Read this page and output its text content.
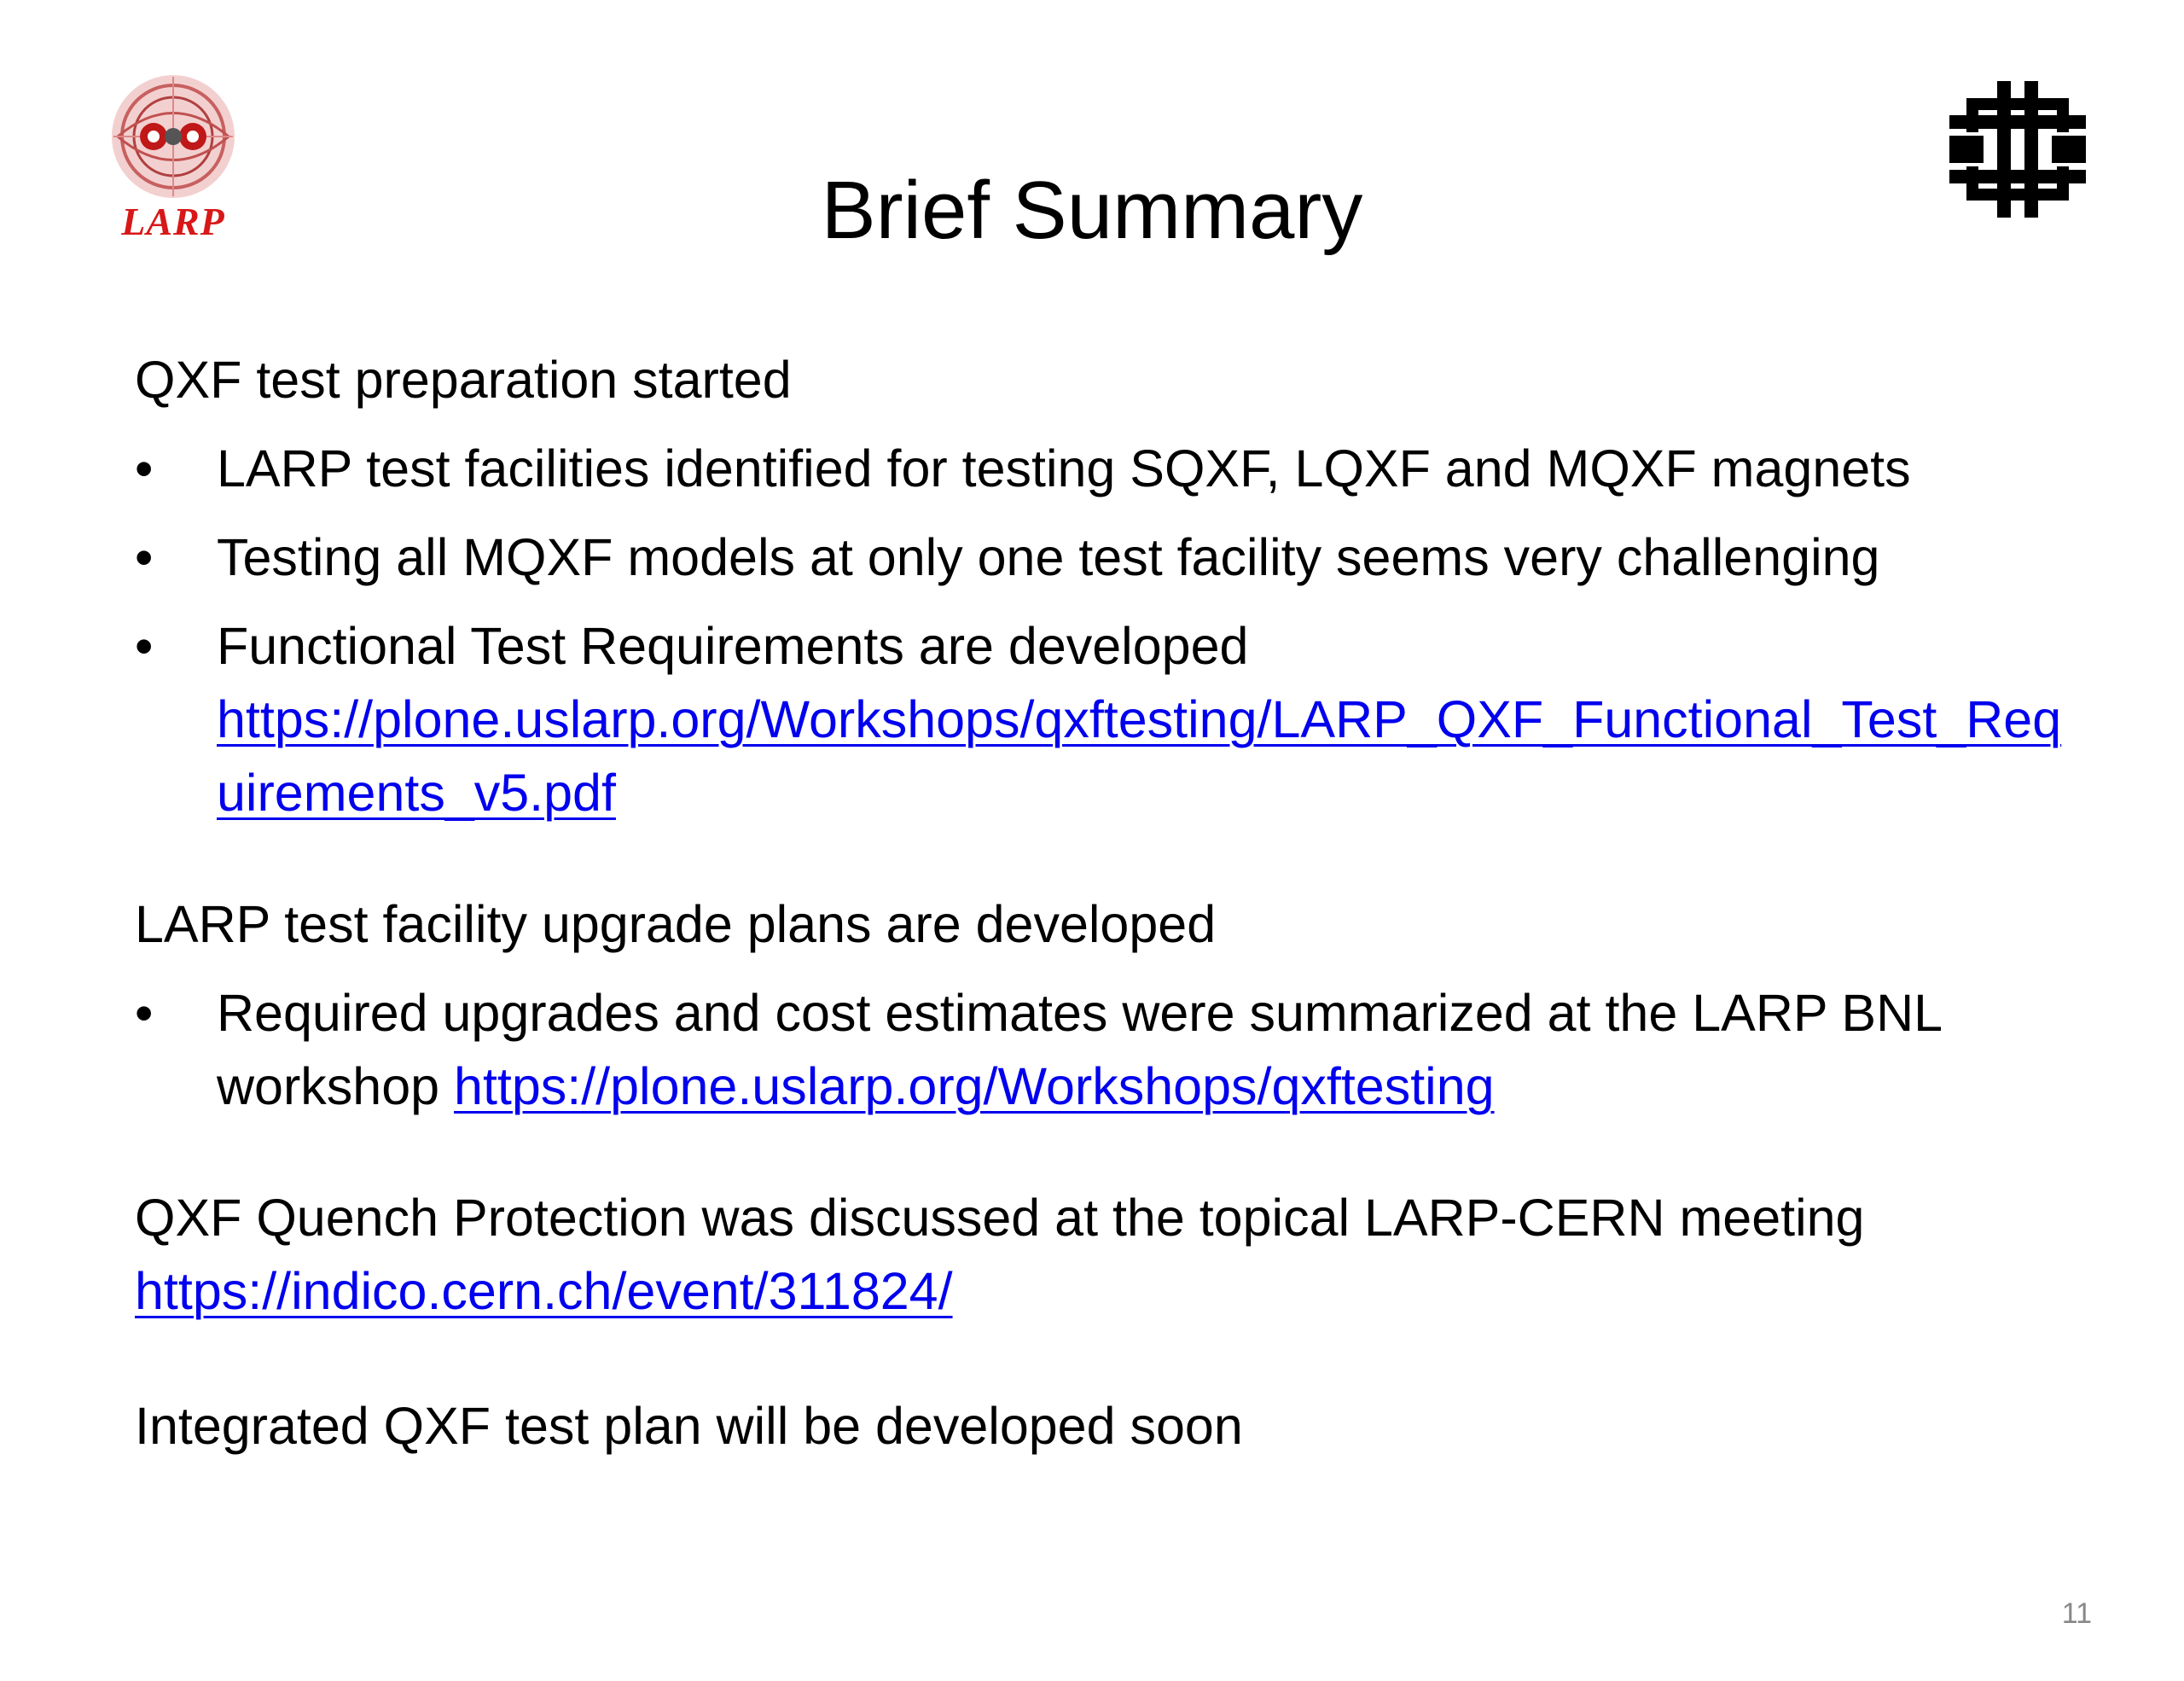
LARP	Brief Summary
QXF test preparation started
•	LARP test facilities identified for testing SQXF, LQXF and MQXF magnets
•	Testing all MQXF models at only one test facility seems very challenging
•	Functional Test Requirements are developed
https://plone.uslarp.org/Workshops/qxftesting/LARP_QXF_Functional_Test_Requirements_v5.pdf
LARP test facility upgrade plans are developed
•	Required upgrades and cost estimates were summarized at the LARP BNL
workshop https://plone.uslarp.org/Workshops/qxftesting
QXF Quench Protection was discussed at the topical LARP-CERN meeting
https://indico.cern.ch/event/311824/
Integrated QXF test plan will be developed soon
11
